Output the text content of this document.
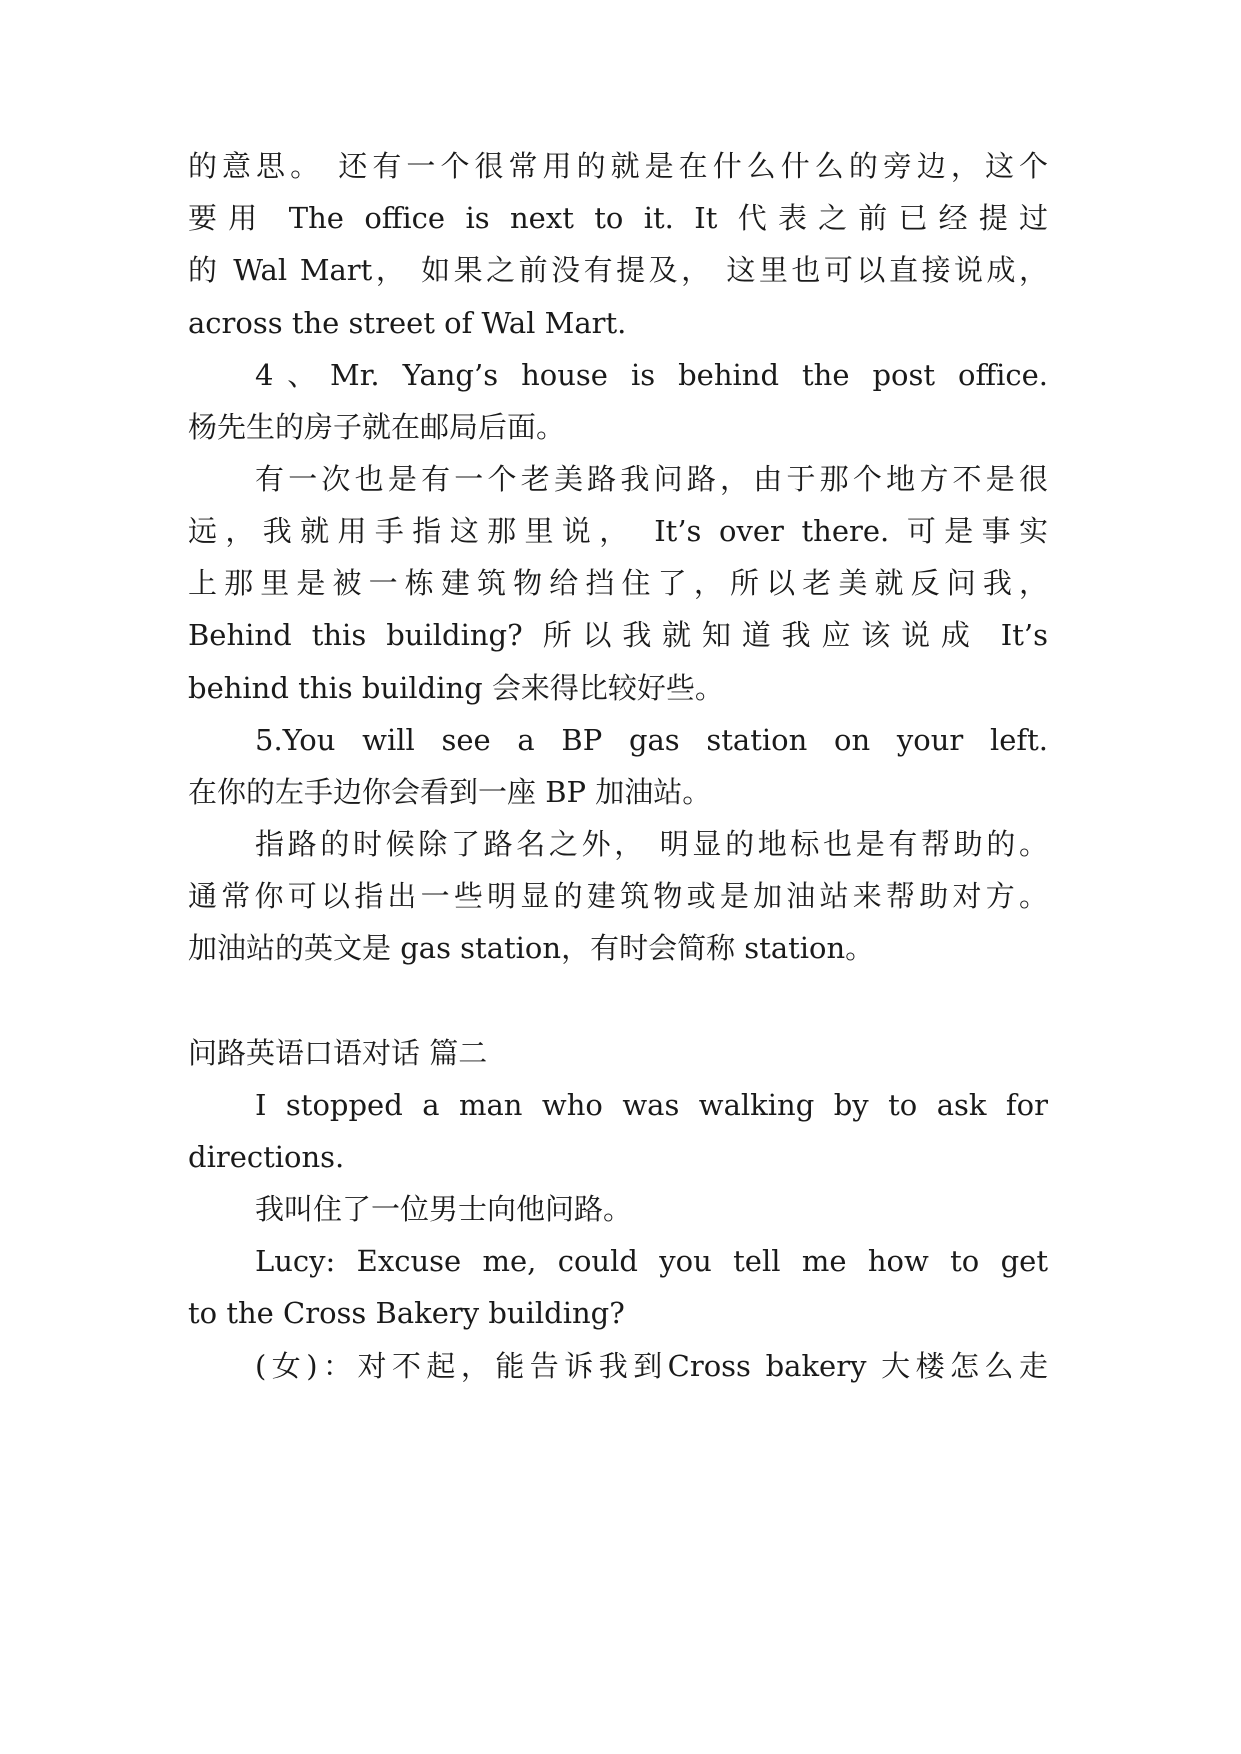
的意思。 还有一个很常用的就是在什么什么的旁边，这个
要用 The office is next to it. It 代表之前已经提过
的 Wal Mart， 如果之前没有提及， 这里也可以直接说成，
across the street of Wal Mart.
4、Mr. Yang’s house is behind the post office.
杨先生的房子就在邮局后面。
有一次也是有一个老美路我问路，由于那个地方不是很
远，我就用手指这那里说， It’s over there. 可是事实
上那里是被一栋建筑物给挡住了，所以老美就反问我，
Behind this building? 所以我就知道我应该说成 It’s
behind this building 会来得比较好些。
5.You will see a BP gas station on your left.
在你的左手边你会看到一座 BP 加油站。
指路的时候除了路名之外， 明显的地标也是有帮助的。
通常你可以指出一些明显的建筑物或是加油站来帮助对方。
加油站的英文是 gas station，有时会简称 station。
问路英语口语对话 篇二
I stopped a man who was walking by to ask for
directions.
我叫住了一位男士向他问路。
Lucy: Excuse me, could you tell me how to get
to the Cross Bakery building?
(女)：对不起，能告诉我到Cross bakery 大楼怎么走
